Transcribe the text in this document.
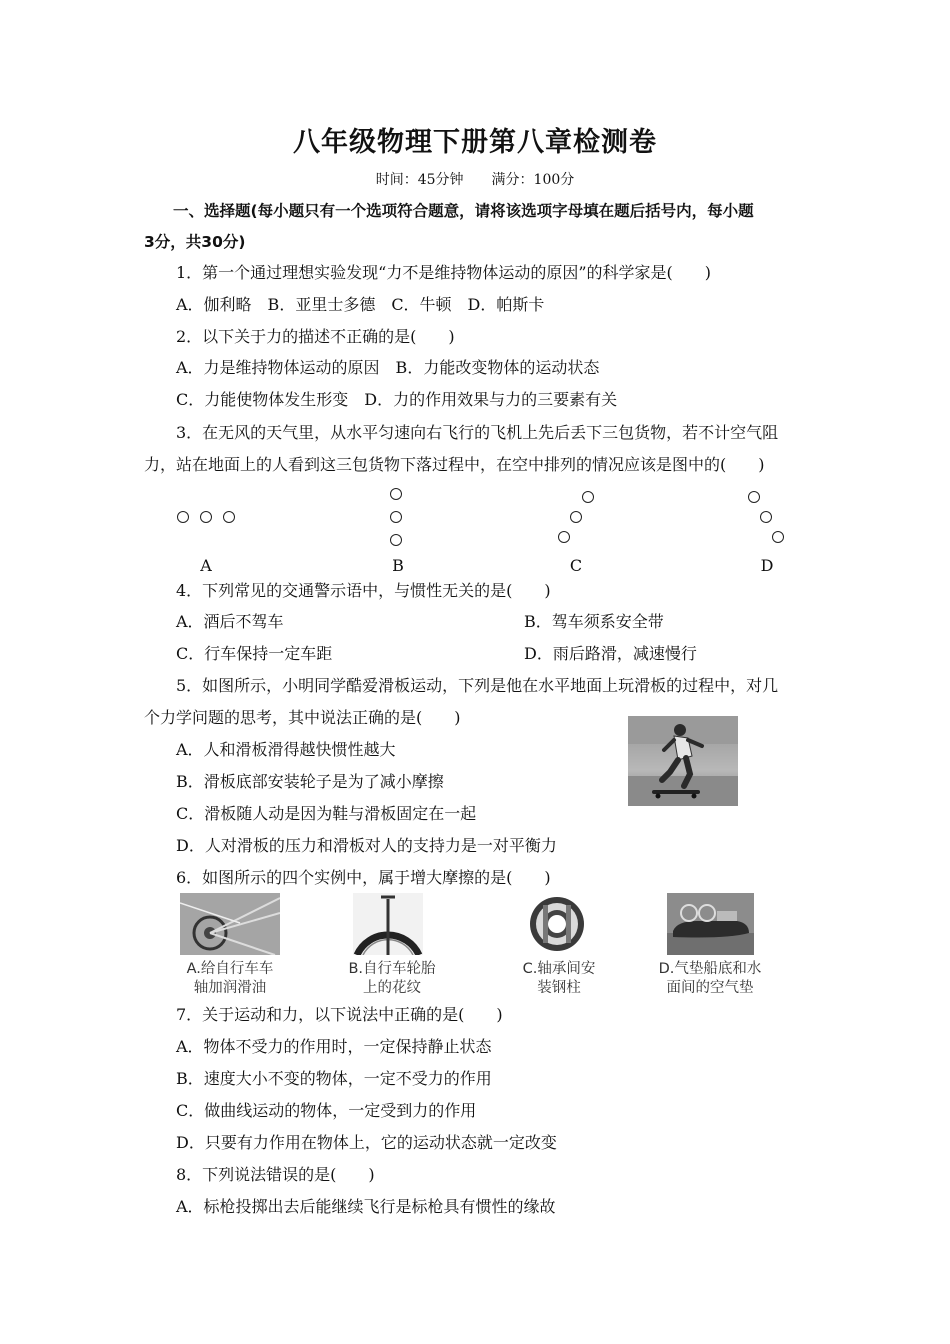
八年级物理下册第八章检测卷
时间：45分钟　　满分：100分
一、选择题(每小题只有一个选项符合题意，请将该选项字母填在题后括号内，每小题
3分，共30分)
1．第一个通过理想实验发现“力不是维持物体运动的原因”的科学家是(　　)
A．伽利略　B．亚里士多德　C．牛顿　D．帕斯卡
2．以下关于力的描述不正确的是(　　)
A．力是维持物体运动的原因　B．力能改变物体的运动状态
C．力能使物体发生形变　D．力的作用效果与力的三要素有关
3．在无风的天气里，从水平匀速向右飞行的飞机上先后丢下三包货物，若不计空气阻
力，站在地面上的人看到这三包货物下落过程中，在空中排列的情况应该是图中的(　　)
A	B	C	D
4．下列常见的交通警示语中，与惯性无关的是(　　)
A．酒后不驾车	B．驾车须系安全带
C．行车保持一定车距	D．雨后路滑，减速慢行
5．如图所示，小明同学酷爱滑板运动，下列是他在水平地面上玩滑板的过程中，对几
个力学问题的思考，其中说法正确的是(　　)
A．人和滑板滑得越快惯性越大
B．滑板底部安装轮子是为了减小摩擦
C．滑板随人动是因为鞋与滑板固定在一起
D．人对滑板的压力和滑板对人的支持力是一对平衡力
6．如图所示的四个实例中，属于增大摩擦的是(　　)
A.给自行车车
轴加润滑油
B.自行车轮胎
上的花纹
C.轴承间安
装钢柱
D.气垫船底和水
面间的空气垫
7．关于运动和力，以下说法中正确的是(　　)
A．物体不受力的作用时，一定保持静止状态
B．速度大小不变的物体，一定不受力的作用
C．做曲线运动的物体，一定受到力的作用
D．只要有力作用在物体上，它的运动状态就一定改变
8．下列说法错误的是(　　)
A．标枪投掷出去后能继续飞行是标枪具有惯性的缘故
